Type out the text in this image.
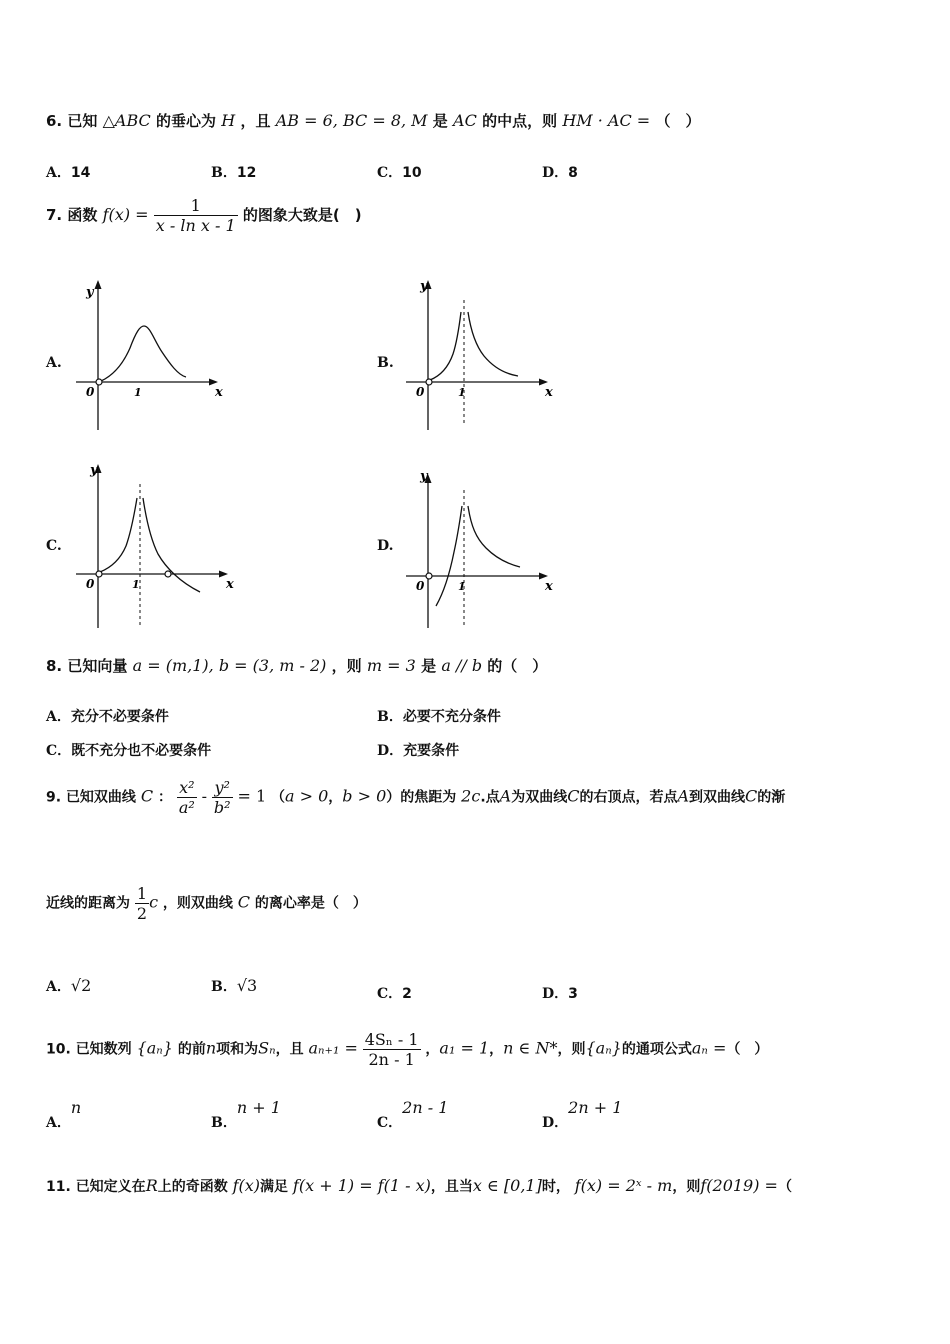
6. 已知 △ABC 的垂心为 H ，且 AB = 6, BC = 8, M 是 AC 的中点，则 HM · AC = （　）
A．14	B．12	C．10	D．8
7. 函数 $f(x) = \frac{1}{\text{x - ln x - 1}}$ 的图象大致是(　)
A.
y
x
0	1
B.
y
x
0	1
C.
y
x
0	1
D.
y
x
0	1
8. 已知向量 a = (m,1), b = (3, m - 2) ，则 m = 3 是 a // b 的（　）
A．充分不必要条件	B．必要不充分条件
C．既不充分也不必要条件	D．充要条件
9. 已知双曲线 C ： $\frac{\text{x²}}{\text{a²}} - \frac{\text{y²}}{\text{b²}} = 1$ （a > 0，b > 0）的焦距为 2c.点A为双曲线C的右顶点，若点A到双曲线C的渐
近线的距离为 $\frac{1}{2}$ c ，则双曲线 C 的离心率是（　）
A．√2	B．√3	C．2	D．3
10. 已知数列 {aₙ} 的前n项和为Sₙ，且 $a_{n+1} = \frac{\text{4Sₙ - 1}}{2n - 1}$ ，a₁ = 1，n ∈ N*，则{aₙ}的通项公式aₙ =（　）
A．n
B．n + 1
C．2n - 1
D．2n + 1
11. 已知定义在R上的奇函数 f(x)满足 f(x + 1) = f(1 - x)，且当x ∈ [0,1]时， f(x) = 2ˣ - m，则f(2019) =（
